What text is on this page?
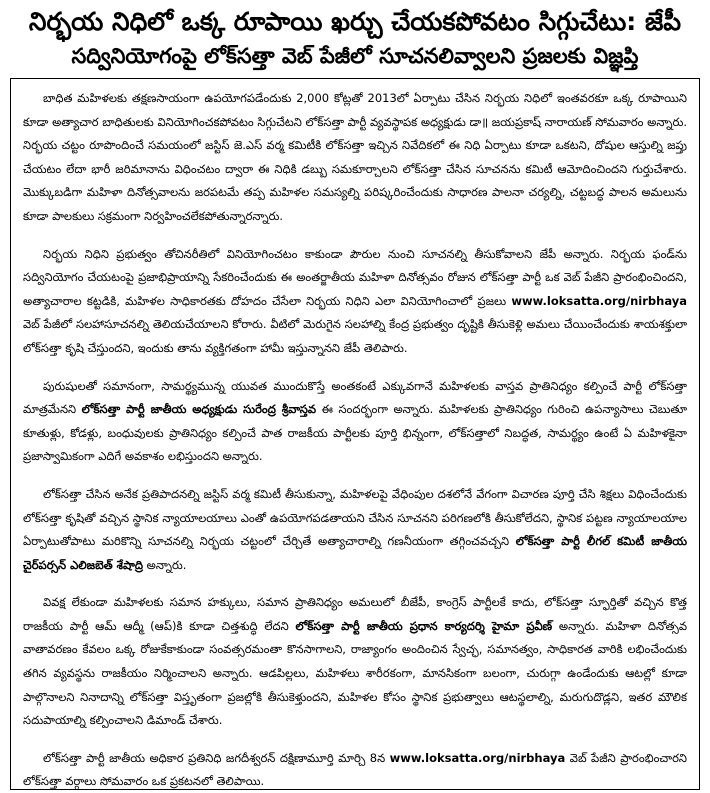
నిర్భయ నిధిలో ఒక్క రూపాయి ఖర్చు చేయకపోవటం సిగ్గుచేటు: జేపీ
సద్వినియోగంపై లోక్‌సత్తా వెబ్ పేజీలో సూచనలివ్వాలని ప్రజలకు విజ్ఞప్తి

బాధిత మహిళలకు తక్షణసాయంగా ఉపయోగపడేందుకు 2,000 కోట్లతో 2013లో ఏర్పాటు చేసిన నిర్భయ నిధిలో ఇంతవరకూ ఒక్క రూపాయిని కూడా అత్యాచార బాధితులకు వినియోగించకపోవటం సిగ్గుచేటని లోక్‌సత్తా పార్టీ వ్యవస్థాపక అధ్యక్షుడు డా॥ జయప్రకాష్ నారాయణ్ సోమవారం అన్నారు. నిర్భయ చట్టం రూపొందించే సమయంలో జస్టిస్ జె.ఎస్ వర్మ కమిటీకి లోక్‌సత్తా ఇచ్చిన నివేదికలో ఈ నిధి ఏర్పాటు కూడా ఒకటని, దోషుల ఆస్తుల్ని జప్తు చేయటం లేదా భారీ జరిమానాను విధించటం ద్వారా ఈ నిధికి డబ్బు సమకూర్చాలని లోక్‌సత్తా చేసిన సూచనను కమిటీ ఆమోదించిందని గుర్తుచేశారు. మొక్కుబడిగా మహిళా దినోత్సవాలను జరపటమే తప్ప మహిళల సమస్యల్ని పరిష్కరించేందుకు సాధారణ పాలనా చర్యల్ని, చట్టబద్ధ పాలన అమలును కూడా పాలకులు సక్రమంగా నిర్వహించలేకపోతున్నారన్నారు.

నిర్భయ నిధిని ప్రభుత్వం తోచినరీతిలో వినియోగించటం కాకుండా పౌరుల నుంచి సూచనల్ని తీసుకోవాలని జేపీ అన్నారు. నిర్భయ ఫండ్‌ను సద్వినియోగం చేయటంపై ప్రజాభిప్రాయాన్ని సేకరించేందుకు ఈ అంతర్జాతీయ మహిళా దినోత్సవం రోజున లోక్‌సత్తా పార్టీ ఒక వెబ్ పేజీని ప్రారంభించిందని, అత్యాచారాల కట్టడికి, మహిళల సాధికారతకు దోహదం చేసేలా నిర్భయ నిధిని ఎలా వినియోగించాలో ప్రజలు www.loksatta.org/nirbhaya వెబ్ పేజీలో సలహాసూచనల్ని తెలియచేయాలని కోరారు. వీటిలో మెరుగైన సలహాల్ని కేంద్ర ప్రభుత్వం దృష్టికి తీసుకెళ్లి అమలు చేయించేందుకు శాయశక్తులా లోక్‌సత్తా కృషి చేస్తుందని, ఇందుకు తాను వ్యక్తిగతంగా హామీ ఇస్తున్నానని జేపీ తెలిపారు.

పురుషులతో సమానంగా, సామర్థ్యమున్న యువత ముందుకొస్తే అంతకంటే ఎక్కువగానే మహిళలకు వాస్తవ ప్రాతినిధ్యం కల్పించే పార్టీ లోక్‌సత్తా మాత్రమేనని లోక్‌సత్తా పార్టీ జాతీయ అధ్యక్షుడు సురేంద్ర శ్రీవాస్తవ ఈ సందర్భంగా అన్నారు. మహిళలకు ప్రాతినిధ్యం గురించి ఉపన్యాసాలు చెబుతూ కూతుళ్లు, కోడళ్లు, బంధువులకు ప్రాతినిధ్యం కల్పించే పాత రాజకీయ పార్టీలకు పూర్తి భిన్నంగా, లోక్‌సత్తాలో నిబద్ధత, సామర్థ్యం ఉంటే ఏ మహిళకైనా ప్రజాస్వామికంగా ఎదిగే అవకాశం లభిస్తుందని అన్నారు.

లోక్‌సత్తా చేసిన అనేక ప్రతిపాదనల్ని జస్టిస్ వర్మ కమిటీ తీసుకున్నా, మహిళలపై వేధింపుల దశలోనే వేగంగా విచారణ పూర్తి చేసి శిక్షలు విధించేందుకు లోక్‌సత్తా కృషితో వచ్చిన స్థానిక న్యాయాలయాలు ఎంతో ఉపయోగపడతాయని చేసిన సూచనని పరిగణలోకి తీసుకోలేదని, స్థానిక పట్టణ న్యాయాలయాల ఏర్పాటుతోపాటు మరికొన్ని సూచనల్ని నిర్భయ చట్టంలో చేర్చితే అత్యాచారాల్ని గణనీయంగా తగ్గించవచ్చని లోక్‌సత్తా పార్టీ లీగల్ కమిటీ జాతీయ చైర్‌పర్సన్ ఎలిజబెత్ శేషాద్రి అన్నారు.

వివక్ష లేకుండా మహిళలకు సమాన హక్కులు, సమాన ప్రాతినిధ్యం అమలులో బీజేపీ, కాంగ్రెస్ పార్టీలకే కాదు, లోక్‌సత్తా స్ఫూర్తితో వచ్చిన కొత్త రాజకీయ పార్టీ ఆమ్ ఆద్మీ (ఆప్)కి కూడా చిత్తశుద్ధి లేదని లోక్‌సత్తా పార్టీ జాతీయ ప్రధాన కార్యదర్శి హైమా ప్రవీణ్ అన్నారు. మహిళా దినోత్సవ వాతావరణం కేవలం ఒక్క రోజుకేకాకుండా సంవత్సరమంతా కొనసాగాలని, రాజ్యాంగం అందించిన స్వేచ్ఛ, సమానత్వం, సాధికారత వారికి లభించేందుకు తగిన వ్యవస్థను రాజకీయం నిర్మించాలని అన్నారు. ఆడపిల్లలు, మహిళలు శారీరకంగా, మానసికంగా బలంగా, చురుగ్గా ఉండేందుకు ఆటల్లో కూడా పాల్గొనాలని నినాదాన్ని లోక్‌సత్తా విస్తృతంగా ప్రజల్లోకి తీసుకెళ్తుందని, మహిళల కోసం స్థానిక ప్రభుత్వాలు ఆటస్థలాల్ని, మరుగుదొడ్లని, ఇతర మౌలిక సదుపాయాల్ని కల్పించాలని డిమాండ్ చేశారు.

లోక్‌సత్తా పార్టీ జాతీయ అధికార ప్రతినిధి జగదీశ్వరన్ దక్షిణామూర్తి మార్చి 8న www.loksatta.org/nirbhaya వెబ్ పేజీని ప్రారంభించారని లోక్‌సత్తా వర్గాలు సోమవారం ఒక ప్రకటనలో తెలిపాయి.
